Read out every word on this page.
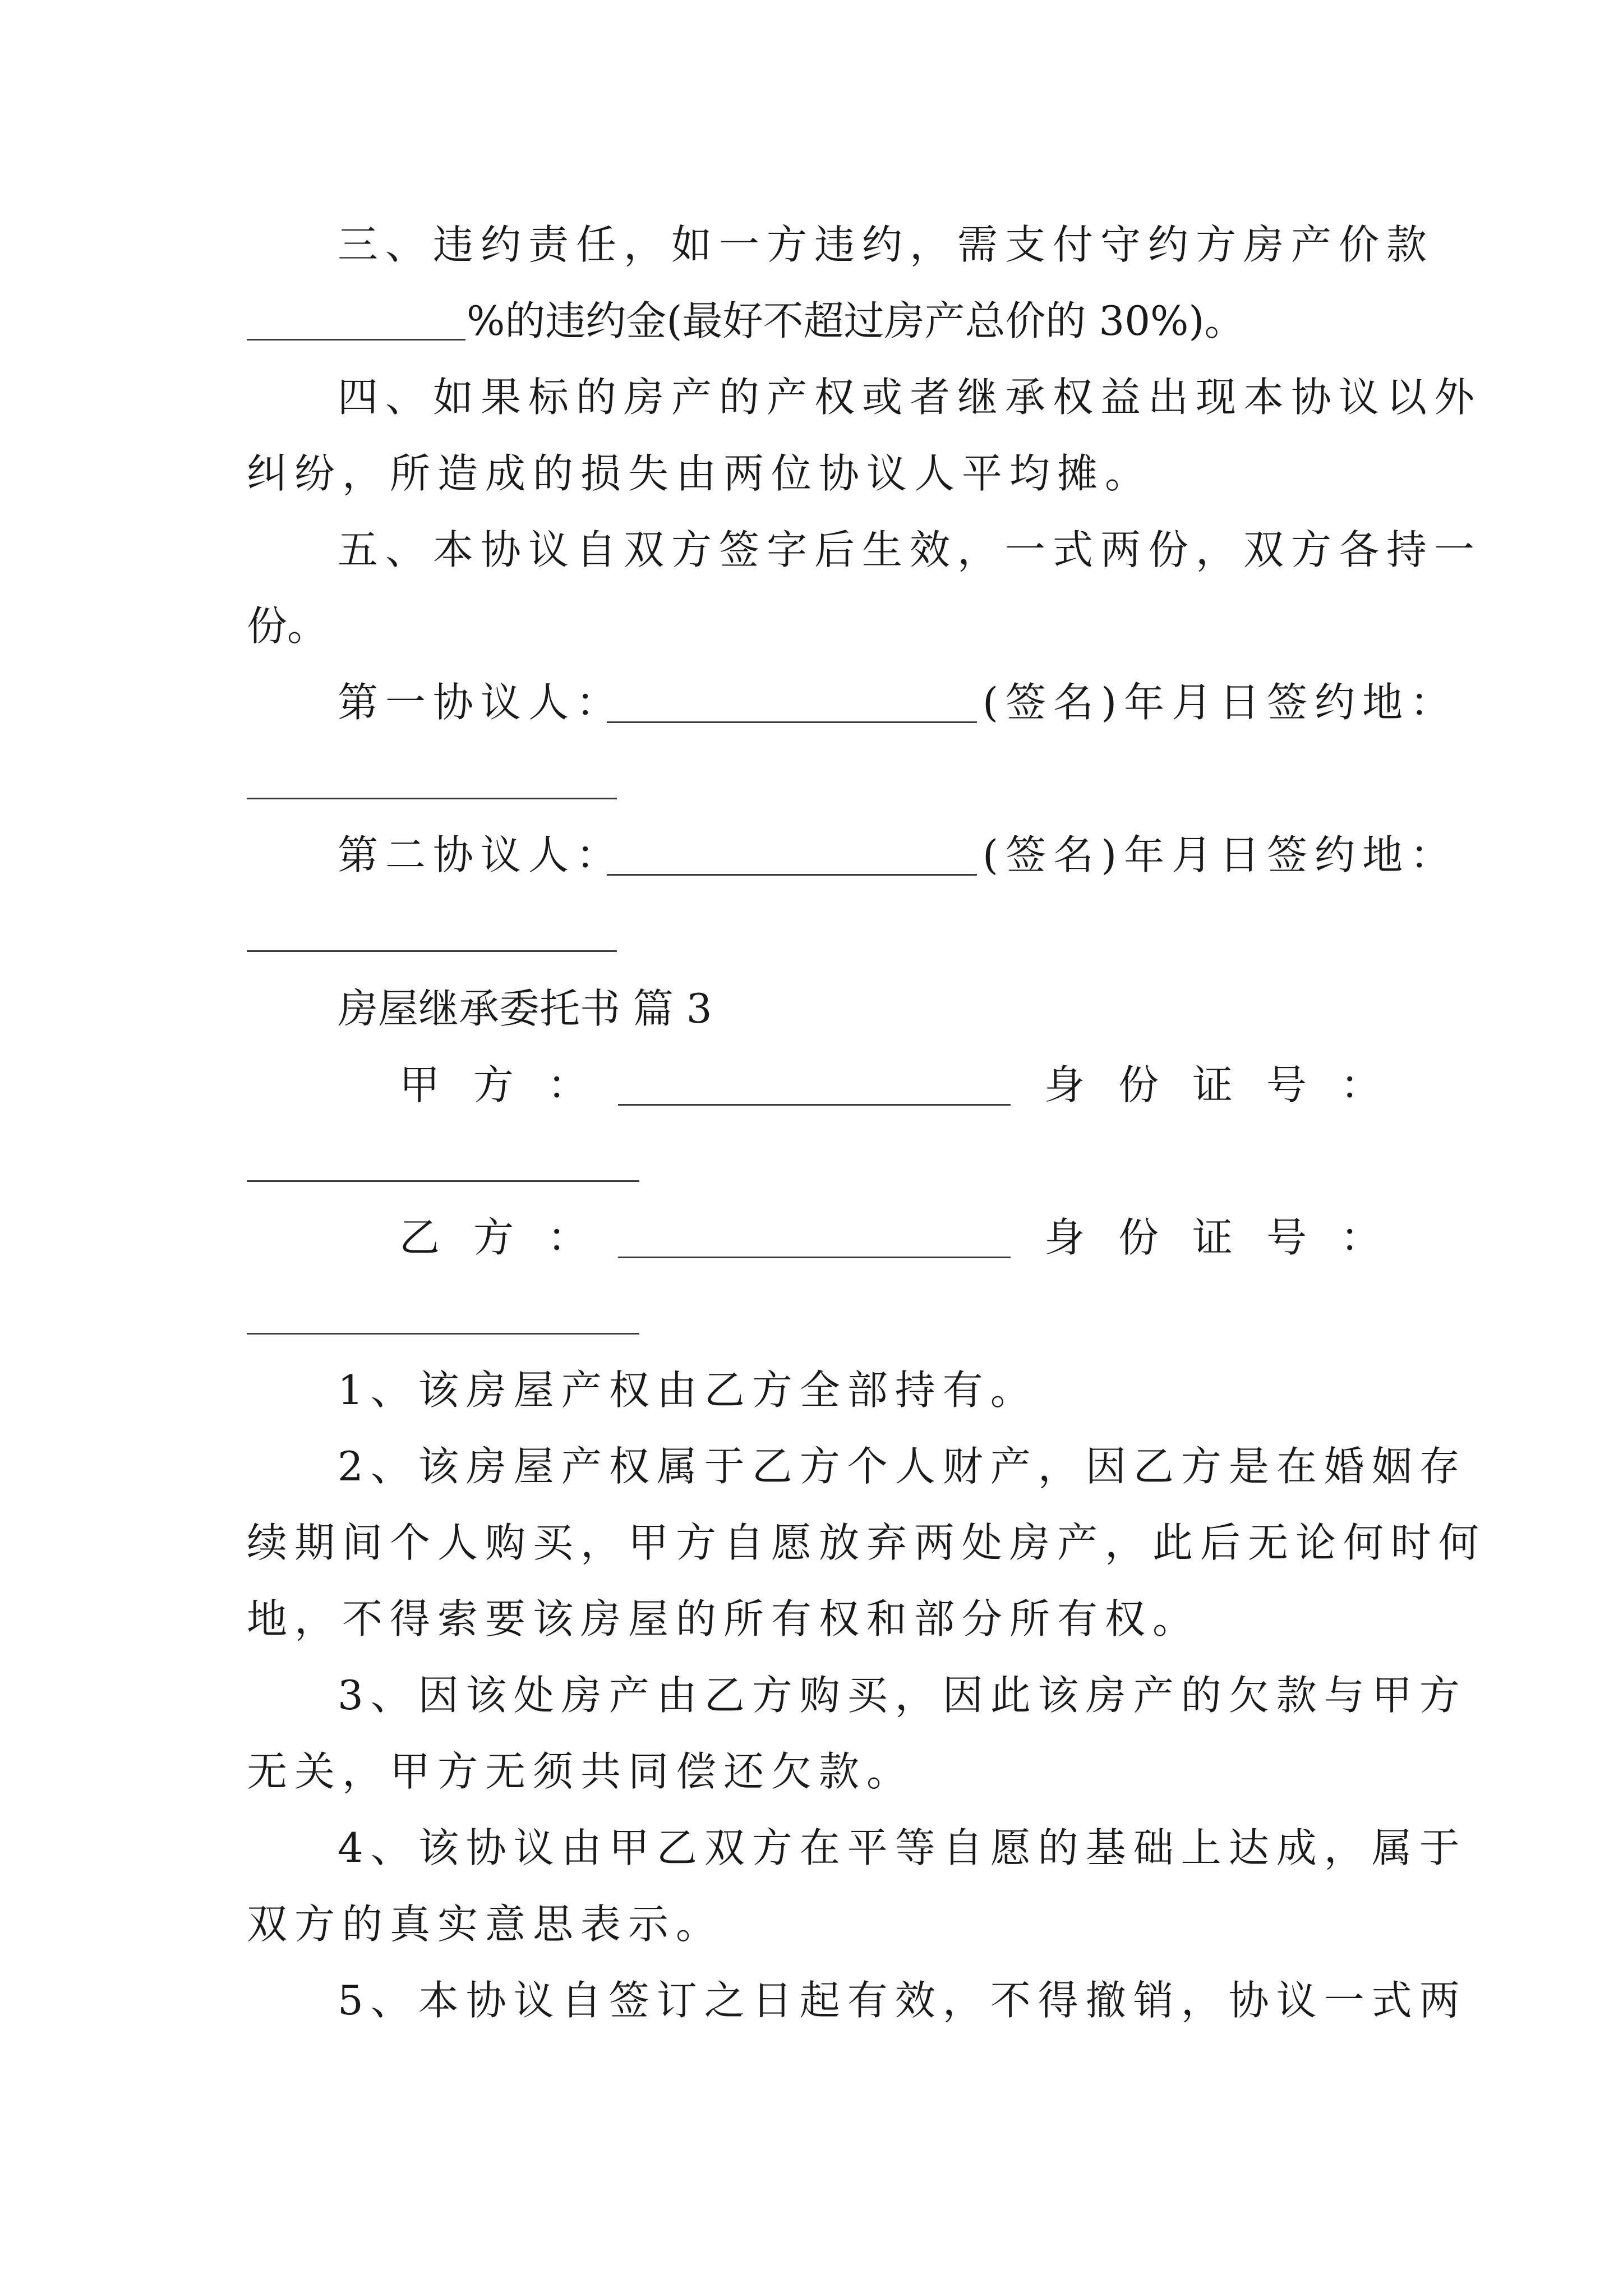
三、违约责任，如一方违约，需支付守约方房产价款
%的违约金(最好不超过房产总价的 30%)。
四、如果标的房产的产权或者继承权益出现本协议以外
纠纷，所造成的损失由两位协议人平均摊。
五、本协议自双方签字后生效，一式两份，双方各持一
份。
第一协议人：	(签名)年月日签约地：
第二协议人：	(签名)年月日签约地：
房屋继承委托书 篇 3
甲方：	身份证号：
乙方：	身份证号：
1、该房屋产权由乙方全部持有。
2、该房屋产权属于乙方个人财产，因乙方是在婚姻存
续期间个人购买，甲方自愿放弃两处房产，此后无论何时何
地，不得索要该房屋的所有权和部分所有权。
3、因该处房产由乙方购买，因此该房产的欠款与甲方
无关，甲方无须共同偿还欠款。
4、该协议由甲乙双方在平等自愿的基础上达成，属于
双方的真实意思表示。
5、本协议自签订之日起有效，不得撤销，协议一式两
